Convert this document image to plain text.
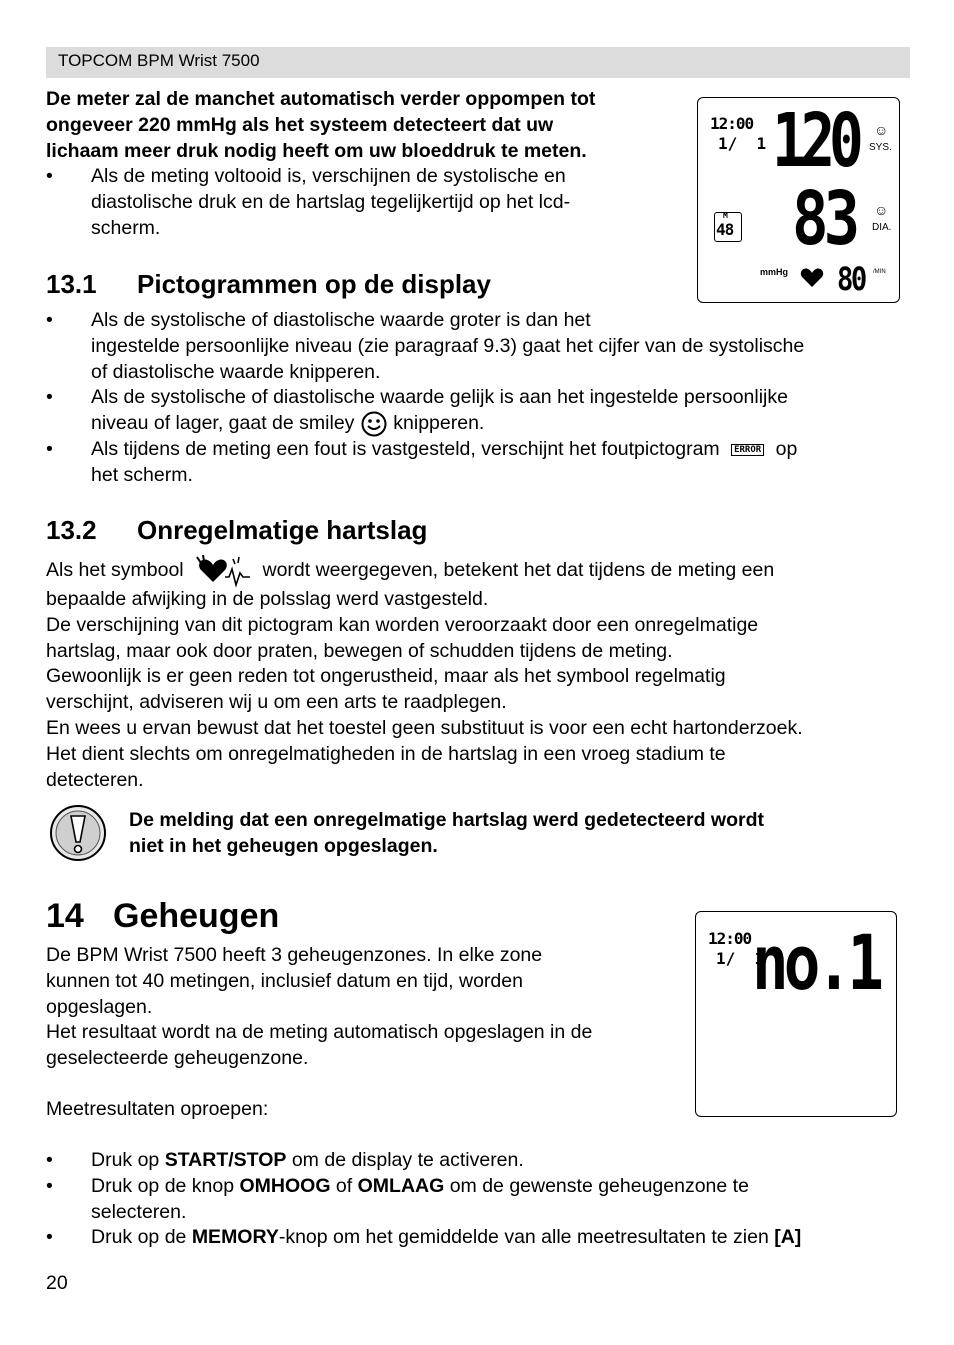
TOPCOM BPM Wrist 7500
De meter zal de manchet automatisch verder oppompen tot
ongeveer 220 mmHg als het systeem detecteert dat uw
lichaam meer druk nodig heeft om uw bloeddruk te meten.
• Als de meting voltooid is, verschijnen de systolische en
diastolische druk en de hartslag tegelijkertijd op het lcd-
scherm.
12:00
1/  1 120 ☺
SYS.
M
48 83 ☺
DIA.
mmHg 80 /MIN
13.1 Pictogrammen op de display
• Als de systolische of diastolische waarde groter is dan het
ingestelde persoonlijke niveau (zie paragraaf 9.3) gaat het cijfer van de systolische
of diastolische waarde knipperen.
• Als de systolische of diastolische waarde gelijk is aan het ingestelde persoonlijke
niveau of lager, gaat de smiley knipperen.
• Als tijdens de meting een fout is vastgesteld, verschijnt het foutpictogram ERROR op
het scherm.
13.2 Onregelmatige hartslag
Als het symbool	wordt weergegeven, betekent het dat tijdens de meting een
bepaalde afwijking in de polsslag werd vastgesteld.
De verschijning van dit pictogram kan worden veroorzaakt door een onregelmatige
hartslag, maar ook door praten, bewegen of schudden tijdens de meting.
Gewoonlijk is er geen reden tot ongerustheid, maar als het symbool regelmatig
verschijnt, adviseren wij u om een arts te raadplegen.
En wees u ervan bewust dat het toestel geen substituut is voor een echt hartonderzoek.
Het dient slechts om onregelmatigheden in de hartslag in een vroeg stadium te
detecteren.
De melding dat een onregelmatige hartslag werd gedetecteerd wordt
niet in het geheugen opgeslagen.
14 Geheugen
De BPM Wrist 7500 heeft 3 geheugenzones. In elke zone
kunnen tot 40 metingen, inclusief datum en tijd, worden
opgeslagen.
Het resultaat wordt na de meting automatisch opgeslagen in de
geselecteerde geheugenzone.
Meetresultaten oproepen:
12:00
1/  1
no.1
• Druk op START/STOP om de display te activeren.
• Druk op de knop OMHOOG of OMLAAG om de gewenste geheugenzone te
selecteren.
• Druk op de MEMORY-knop om het gemiddelde van alle meetresultaten te zien [A]
20
